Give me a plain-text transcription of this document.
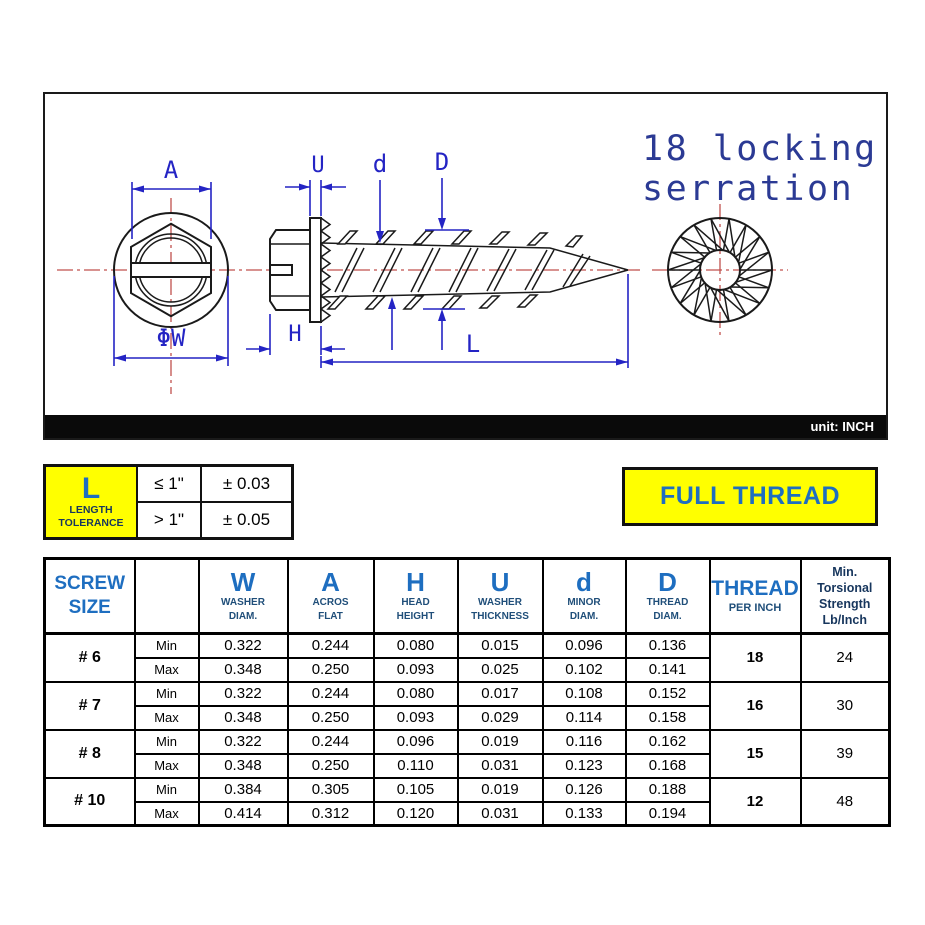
A
ΦW
U d D
H	L
18 locking
serration
unit: INCH
L
LENGTH
TOLERANCE
≤ 1"	± 0.03
> 1"	± 0.05
FULL THREAD
SCREW
SIZE

W
WASHER
DIAM.

A
ACROS
FLAT

H
HEAD
HEIGHT

U
WASHER
THICKNESS

d
MINOR
DIAM.

D
THREAD
DIAM.

THREAD
PER INCH

Min.
Torsional
Strength
Lb/Inch

# 6	Min	0.322	0.244	0.080	0.015	0.096	0.136	18	24
	Max	0.348	0.250	0.093	0.025	0.102	0.141		
# 7	Min	0.322	0.244	0.080	0.017	0.108	0.152	16	30
	Max	0.348	0.250	0.093	0.029	0.114	0.158		
# 8	Min	0.322	0.244	0.096	0.019	0.116	0.162	15	39
	Max	0.348	0.250	0.110	0.031	0.123	0.168		
# 10	Min	0.384	0.305	0.105	0.019	0.126	0.188	12	48
	Max	0.414	0.312	0.120	0.031	0.133	0.194		
